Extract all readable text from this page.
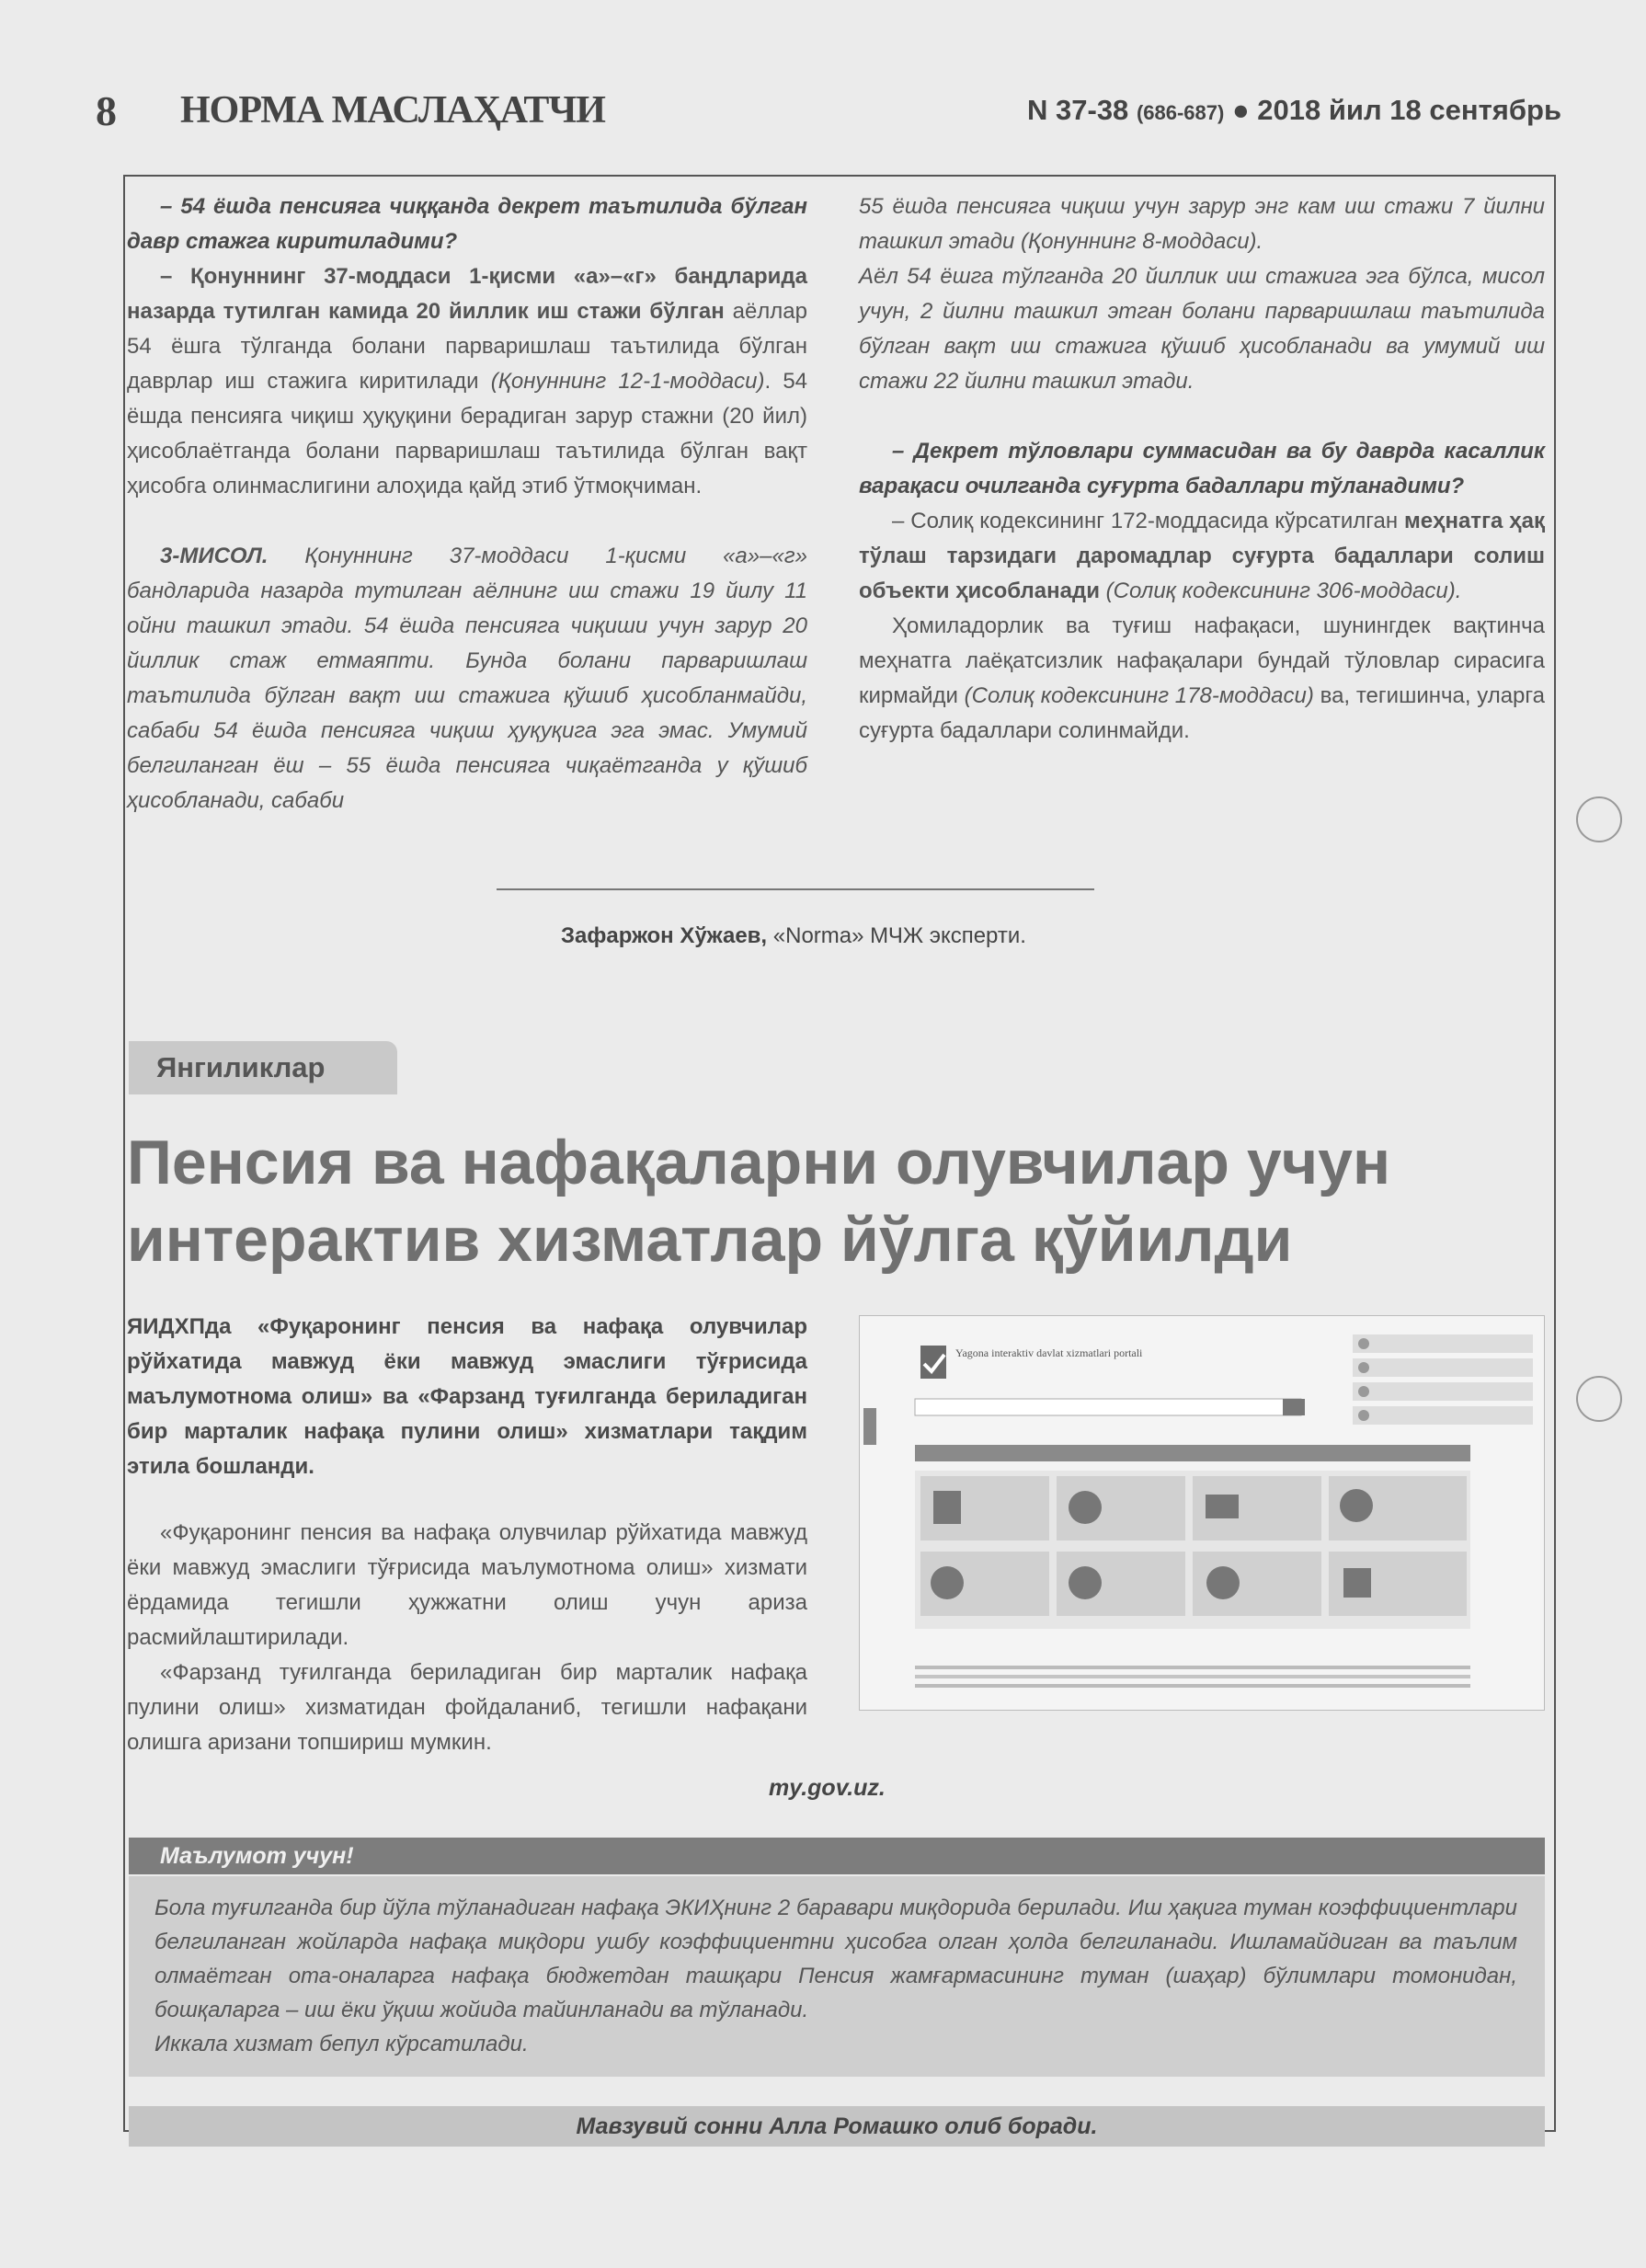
8 НОРМА МАСЛАҲАТЧИ	N 37-38 (686-687) ● 2018 йил 18 сентябрь

– 54 ёшда пенсияга чиққанда декрет таътилида бўлган давр стажга киритиладими?

– Қонуннинг 37-моддаси 1-қисми «а»–«г» бандларида назарда тутилган камида 20 йиллик иш стажи бўлган аёллар 54 ёшга тўлганда болани парваришлаш таътилида бўлган даврлар иш стажига киритилади (Қонуннинг 12-1-моддаси). 54 ёшда пенсияга чиқиш ҳуқуқини берадиган зарур стажни (20 йил) ҳисоблаётганда болани парваришлаш таътилида бўлган вақт ҳисобга олинмаслигини алоҳида қайд этиб ўтмоқчиман.

3-МИСОЛ. Қонуннинг 37-моддаси 1-қисми «а»–«г» бандларида назарда тутилган аёлнинг иш стажи 19 йилу 11 ойни ташкил этади. 54 ёшда пенсияга чиқиши учун зарур 20 йиллик стаж етмаяпти. Бунда болани парваришлаш таътилида бўлган вақт иш стажига қўшиб ҳисобланмайди, сабаби 54 ёшда пенсияга чиқиш ҳуқуқига эга эмас. Умумий белгиланган ёш – 55 ёшда пенсияга чиқаётганда у қўшиб ҳисобланади, сабаби

55 ёшда пенсияга чиқиш учун зарур энг кам иш стажи 7 йилни ташкил этади (Қонуннинг 8-моддаси).

Аёл 54 ёшга тўлганда 20 йиллик иш стажига эга бўлса, мисол учун, 2 йилни ташкил этган болани парваришлаш таътилида бўлган вақт иш стажига қўшиб ҳисобланади ва умумий иш стажи 22 йилни ташкил этади.

– Декрет тўловлари суммасидан ва бу даврда касаллик варақаси очилганда суғурта бадаллари тўланадими?

– Солиқ кодексининг 172-моддасида кўрсатилган меҳнатга ҳақ тўлаш тарзидаги даромадлар суғурта бадаллари солиш объекти ҳисобланади (Солиқ кодексининг 306-моддаси).

Ҳомиладорлик ва туғиш нафақаси, шунингдек вақтинча меҳнатга лаёқатсизлик нафақалари бундай тўловлар сирасига кирмайди (Солиқ кодексининг 178-моддаси) ва, тегишинча, уларга суғурта бадаллари солинмайди.

Зафаржон Хўжаев, «Norma» МЧЖ эксперти.
Янгиликлар
Пенсия ва нафақаларни олувчилар учун интерактив хизматлар йўлга қўйилди
ЯИДХПда «Фуқаронинг пенсия ва нафақа олувчилар рўйхатида мавжуд ёки мавжуд эмаслиги тўғрисида маълумотнома олиш» ва «Фарзанд туғилганда бериладиган бир марталик нафақа пулини олиш» хизматлари тақдим этила бошланди.

«Фуқаронинг пенсия ва нафақа олувчилар рўйхатида мавжуд ёки мавжуд эмаслиги тўғрисида маълумотнома олиш» хизмати ёрдамида тегишли ҳужжатни олиш учун ариза расмийлаштирилади.

«Фарзанд туғилганда бериладиган бир марталик нафақа пулини олиш» хизматидан фойдаланиб, тегишли нафақани олишга аризани топшириш мумкин.

Yagona interaktiv davlat xizmatlari portali
my.gov.uz.
Маълумот учун!

Бола туғилганда бир йўла тўланадиган нафақа ЭКИҲнинг 2 баравари миқдорида берилади. Иш ҳақига туман коэффициентлари белгиланган жойларда нафақа миқдори ушбу коэффициентни ҳисобга олган ҳолда белгиланади. Ишламайдиган ва таълим олмаётган ота-оналарга нафақа бюджетдан ташқари Пенсия жамғармасининг туман (шаҳар) бўлимлари томонидан, бошқаларга – иш ёки ўқиш жойида тайинланади ва тўланади.

Иккала хизмат бепул кўрсатилади.

Мавзувий сонни Алла Ромашко олиб боради.
